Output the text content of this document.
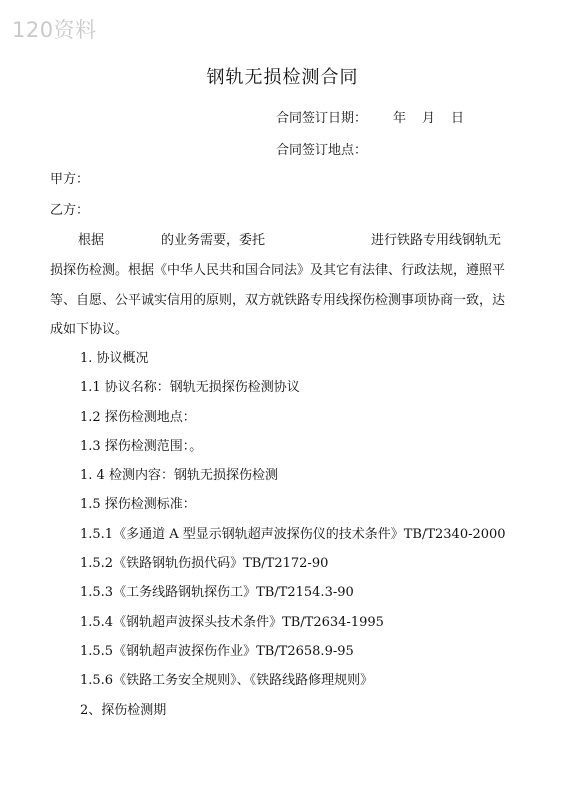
120资料
钢轨无损检测合同
合同签订日期： 年 月 日
合同签订地点：
甲方：
乙方：
根据	的业务需要，委托	进行铁路专用线钢轨无
损探伤检测。根据《中华人民共和国合同法》及其它有法律、行政法规，遵照平
等、自愿、公平诚实信用的原则，双方就铁路专用线探伤检测事项协商一致，达
成如下协议。
1. 协议概况
1.1 协议名称：钢轨无损探伤检测协议
1.2 探伤检测地点：
1.3 探伤检测范围：。
1. 4 检测内容：钢轨无损探伤检测
1.5 探伤检测标准：
1.5.1《多通道 A 型显示钢轨超声波探伤仪的技术条件》TB/T2340-2000
1.5.2《铁路钢轨伤损代码》TB/T2172-90
1.5.3《工务线路钢轨探伤工》TB/T2154.3-90
1.5.4《钢轨超声波探头技术条件》TB/T2634-1995
1.5.5《钢轨超声波探伤作业》TB/T2658.9-95
1.5.6《铁路工务安全规则》、《铁路线路修理规则》
2、探伤检测期
